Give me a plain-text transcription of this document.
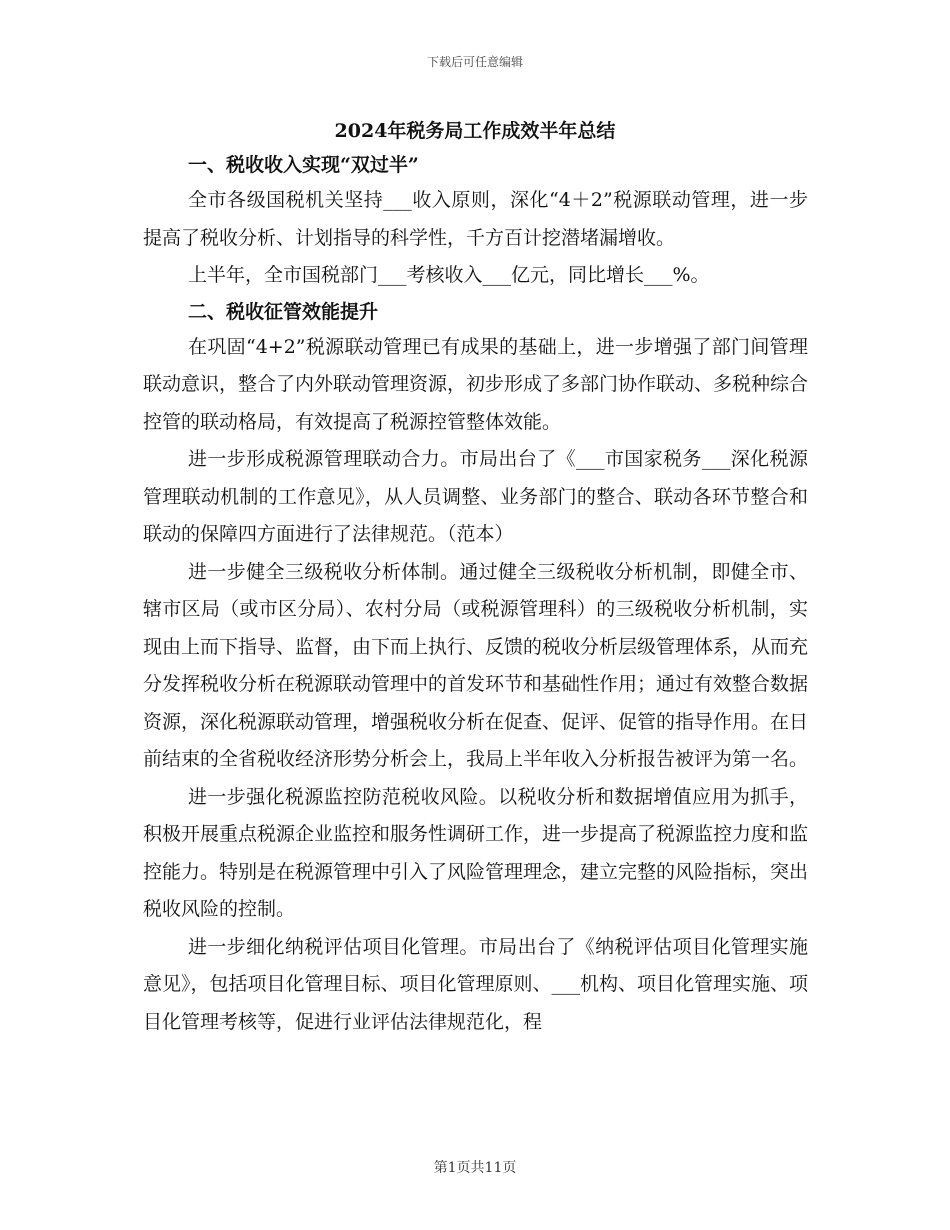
下载后可任意编辑
2024年税务局工作成效半年总结

一、税收收入实现“双过半”

全市各级国税机关坚持___收入原则，深化“4＋2”税源联动管理，进一步提高了税收分析、计划指导的科学性，千方百计挖潜堵漏增收。

上半年，全市国税部门___考核收入___亿元，同比增长___%。

二、税收征管效能提升

在巩固“4+2”税源联动管理已有成果的基础上，进一步增强了部门间管理联动意识，整合了内外联动管理资源，初步形成了多部门协作联动、多税种综合控管的联动格局，有效提高了税源控管整体效能。

进一步形成税源管理联动合力。市局出台了《___市国家税务___深化税源管理联动机制的工作意见》，从人员调整、业务部门的整合、联动各环节整合和联动的保障四方面进行了法律规范。（范本）

进一步健全三级税收分析体制。通过健全三级税收分析机制，即健全市、辖市区局（或市区分局）、农村分局（或税源管理科）的三级税收分析机制，实现由上而下指导、监督，由下而上执行、反馈的税收分析层级管理体系，从而充分发挥税收分析在税源联动管理中的首发环节和基础性作用；通过有效整合数据资源，深化税源联动管理，增强税收分析在促查、促评、促管的指导作用。在日前结束的全省税收经济形势分析会上，我局上半年收入分析报告被评为第一名。

进一步强化税源监控防范税收风险。以税收分析和数据增值应用为抓手，积极开展重点税源企业监控和服务性调研工作，进一步提高了税源监控力度和监控能力。特别是在税源管理中引入了风险管理理念，建立完整的风险指标，突出税收风险的控制。

进一步细化纳税评估项目化管理。市局出台了《纳税评估项目化管理实施意见》，包括项目化管理目标、项目化管理原则、___机构、项目化管理实施、项目化管理考核等，促进行业评估法律规范化，程

第1页共11页
